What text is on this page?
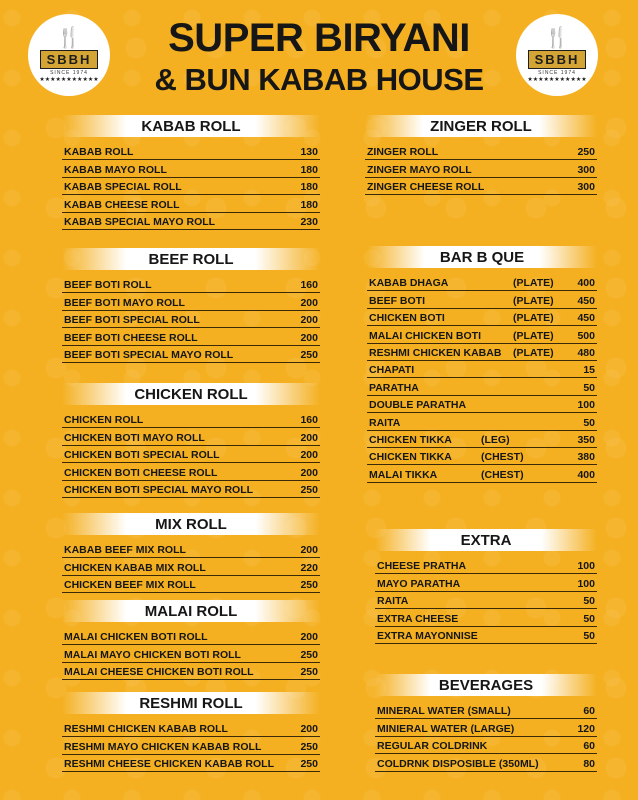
🍴
SBBH
SINCE 1974
★★★★★★★★★★★
🍴
SBBH
SINCE 1974
★★★★★★★★★★★
SUPER BIRYANI
& BUN KABAB HOUSE
KABAB ROLL
KABAB ROLL	130
KABAB MAYO ROLL	180
KABAB SPECIAL ROLL	180
KABAB CHEESE ROLL	180
KABAB SPECIAL MAYO ROLL	230
BEEF ROLL
BEEF BOTI ROLL	160
BEEF BOTI MAYO ROLL	200
BEEF BOTI SPECIAL ROLL	200
BEEF BOTI CHEESE ROLL	200
BEEF BOTI SPECIAL MAYO ROLL	250
CHICKEN ROLL
CHICKEN ROLL	160
CHICKEN BOTI MAYO ROLL	200
CHICKEN BOTI SPECIAL ROLL	200
CHICKEN BOTI CHEESE ROLL	200
CHICKEN BOTI SPECIAL MAYO ROLL	250
MIX ROLL
KABAB BEEF MIX ROLL	200
CHICKEN KABAB MIX ROLL	220
CHICKEN BEEF MIX ROLL	250
MALAI ROLL
MALAI CHICKEN BOTI ROLL	200
MALAI MAYO CHICKEN BOTI ROLL	250
MALAI CHEESE CHICKEN BOTI ROLL	250
RESHMI ROLL
RESHMI CHICKEN KABAB ROLL	200
RESHMI MAYO CHICKEN KABAB ROLL	250
RESHMI CHEESE CHICKEN KABAB ROLL	250
ZINGER ROLL
ZINGER ROLL	250
ZINGER MAYO ROLL	300
ZINGER CHEESE ROLL	300
BAR B QUE
KABAB DHAGA	(PLATE) 400
BEEF BOTI	(PLATE) 450
CHICKEN BOTI	(PLATE) 450
MALAI CHICKEN BOTI	(PLATE) 500
RESHMI CHICKEN KABAB (PLATE) 480
CHAPATI	15
PARATHA	50
DOUBLE PARATHA	100
RAITA	50
CHICKEN TIKKA	(LEG)	350
CHICKEN TIKKA	(CHEST)	380
MALAI TIKKA	(CHEST)	400
EXTRA
CHEESE PRATHA	100
MAYO PARATHA	100
RAITA	50
EXTRA CHEESE	50
EXTRA MAYONNISE	50
BEVERAGES
MINERAL WATER (SMALL)	60
MINIERAL WATER (LARGE)	120
REGULAR COLDRINK	60
COLDRNK DISPOSIBLE (350ML)	80
